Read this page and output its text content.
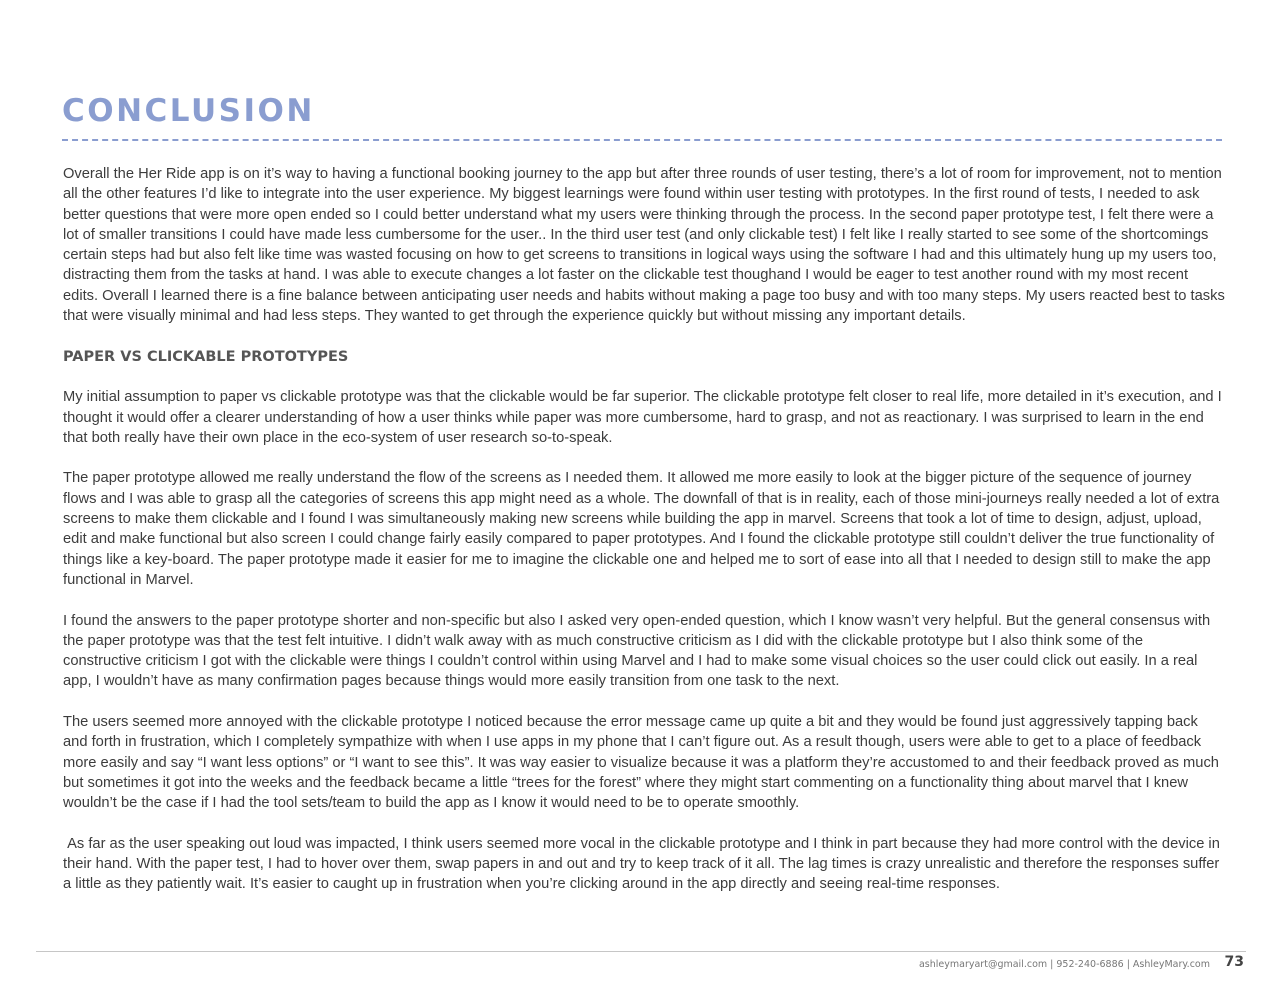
CONCLUSION

Overall the Her Ride app is on it’s way to having a functional booking journey to the app but after three rounds of user testing, there’s a lot of room for improvement, not to mention all the other features I’d like to integrate into the user experience. My biggest learnings were found within user testing with prototypes. In the first round of tests, I needed to ask better questions that were more open ended so I could better understand what my users were thinking through the process. In the second paper prototype test, I felt there were a lot of smaller transitions I could have made less cumbersome for the user.. In the third user test (and only clickable test) I felt like I really started to see some of the shortcomings certain steps had but also felt like time was wasted focusing on how to get screens to transitions in logical ways using the software I had and this ultimately hung up my users too, distracting them from the tasks at hand. I was able to execute changes a lot faster on the clickable test thoughand I would be eager to test another round with my most recent edits. Overall I learned there is a fine balance between anticipating user needs and habits without making a page too busy and with too many steps. My users reacted best to tasks that were visually minimal and had less steps. They wanted to get through the experience quickly but without missing any important details.

PAPER VS CLICKABLE PROTOTYPES

My initial assumption to paper vs clickable prototype was that the clickable would be far superior. The clickable prototype felt closer to real life, more detailed in it’s execution, and I thought it would offer a clearer understanding of how a user thinks while paper was more cumbersome, hard to grasp, and not as reactionary. I was surprised to learn in the end that both really have their own place in the eco-system of user research so-to-speak.

The paper prototype allowed me really understand the flow of the screens as I needed them. It allowed me more easily to look at the bigger picture of the sequence of journey flows and I was able to grasp all the categories of screens this app might need as a whole. The downfall of that is in reality, each of those mini-journeys really needed a lot of extra screens to make them clickable and I found I was simultaneously making new screens while building the app in marvel. Screens that took a lot of time to design, adjust, upload, edit and make functional but also screen I could change fairly easily compared to paper prototypes. And I found the clickable prototype still couldn’t deliver the true functionality of things like a key-board. The paper prototype made it easier for me to imagine the clickable one and helped me to sort of ease into all that I needed to design still to make the app functional in Marvel.

I found the answers to the paper prototype shorter and non-specific but also I asked very open-ended question, which I know wasn’t very helpful. But the general consensus with the paper prototype was that the test felt intuitive. I didn’t walk away with as much constructive criticism as I did with the clickable prototype but I also think some of the constructive criticism I got with the clickable were things I couldn’t control within using Marvel and I had to make some visual choices so the user could click out easily. In a real app, I wouldn’t have as many confirmation pages because things would more easily transition from one task to the next.

The users seemed more annoyed with the clickable prototype I noticed because the error message came up quite a bit and they would be found just aggressively tapping back and forth in frustration, which I completely sympathize with when I use apps in my phone that I can’t figure out. As a result though, users were able to get to a place of feedback more easily and say “I want less options” or “I want to see this”. It was way easier to visualize because it was a platform they’re accustomed to and their feedback proved as much but sometimes it got into the weeks and the feedback became a little “trees for the forest” where they might start commenting on a functionality thing about marvel that I knew wouldn’t be the case if I had the tool sets/team to build the app as I know it would need to be to operate smoothly.

As far as the user speaking out loud was impacted, I think users seemed more vocal in the clickable prototype and I think in part because they had more control with the device in their hand. With the paper test, I had to hover over them, swap papers in and out and try to keep track of it all. The lag times is crazy unrealistic and therefore the responses suffer a little as they patiently wait. It’s easier to caught up in frustration when you’re clicking around in the app directly and seeing real-time responses.

ashleymaryart@gmail.com | 952-240-6886 | AshleyMary.com 73
